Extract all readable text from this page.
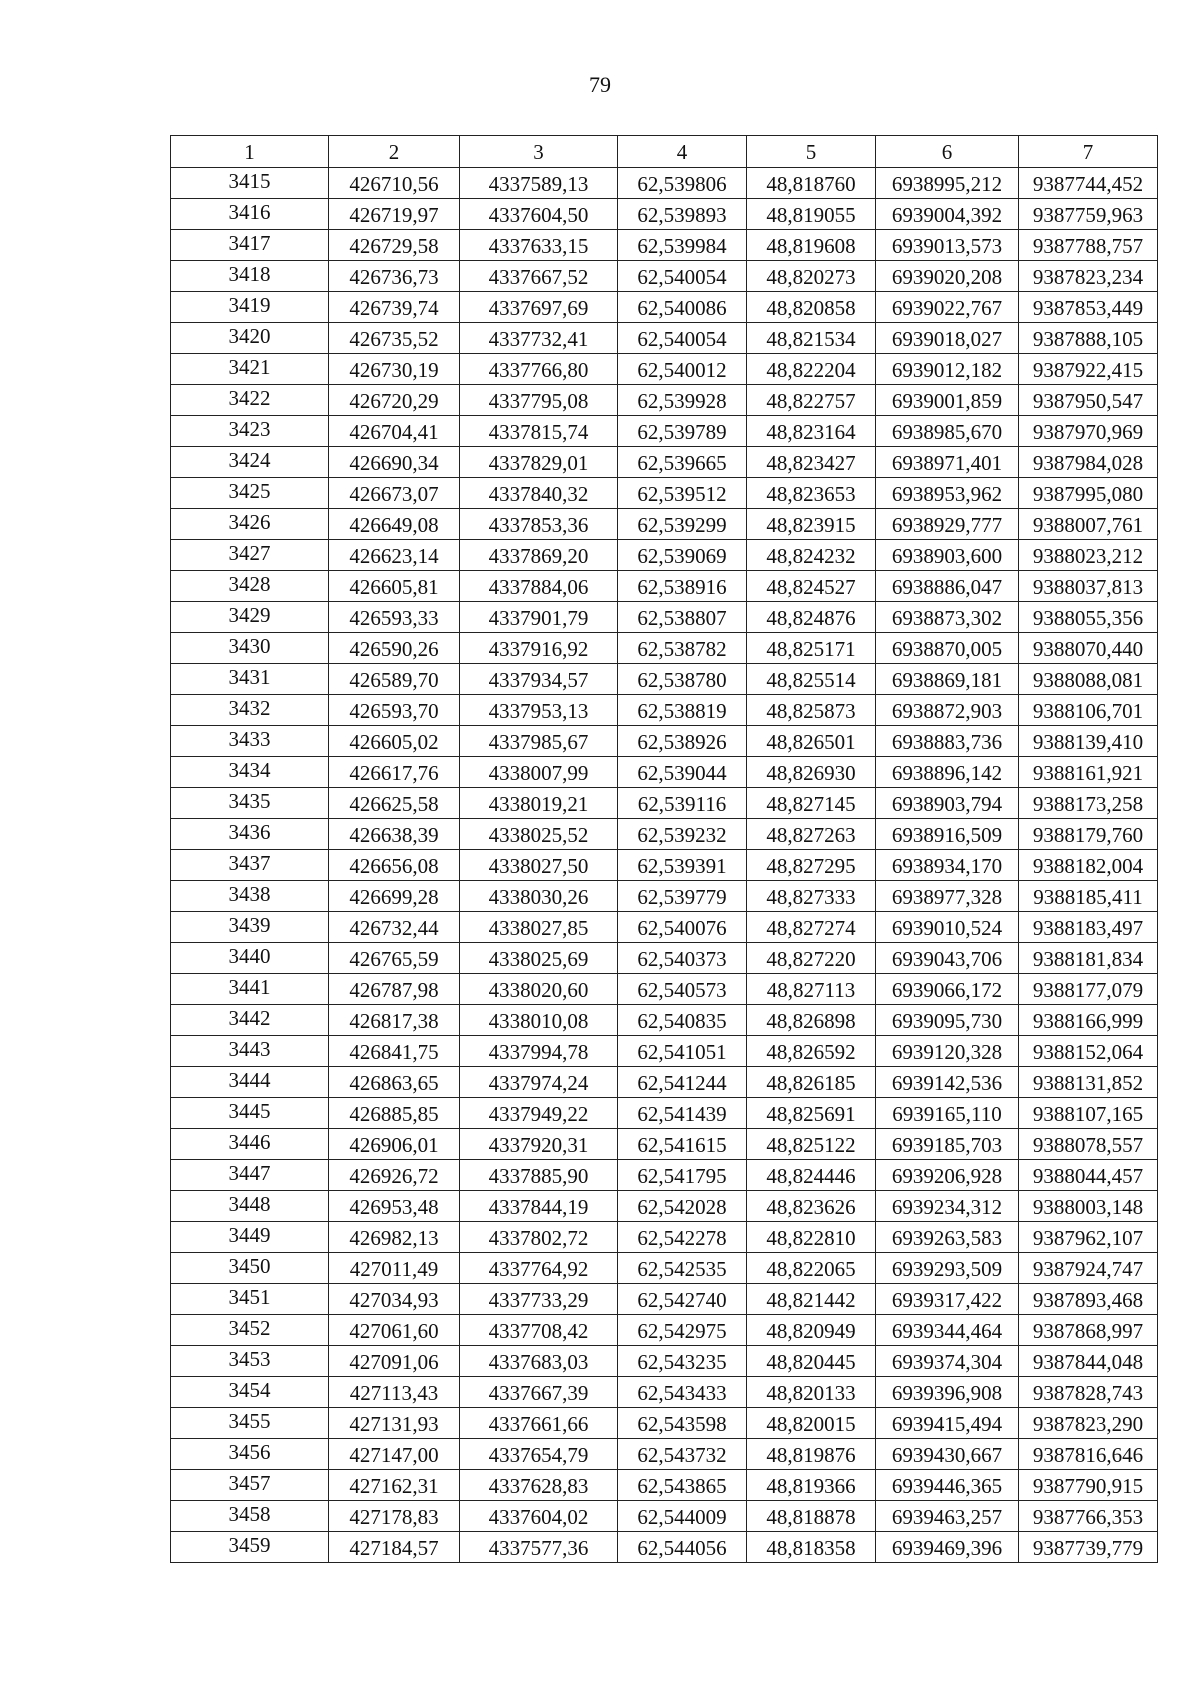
79
1	2	3	4	5	6	7
3415	426710,56	4337589,13	62,539806	48,818760	6938995,212	9387744,452
3416	426719,97	4337604,50	62,539893	48,819055	6939004,392	9387759,963
3417	426729,58	4337633,15	62,539984	48,819608	6939013,573	9387788,757
3418	426736,73	4337667,52	62,540054	48,820273	6939020,208	9387823,234
3419	426739,74	4337697,69	62,540086	48,820858	6939022,767	9387853,449
3420	426735,52	4337732,41	62,540054	48,821534	6939018,027	9387888,105
3421	426730,19	4337766,80	62,540012	48,822204	6939012,182	9387922,415
3422	426720,29	4337795,08	62,539928	48,822757	6939001,859	9387950,547
3423	426704,41	4337815,74	62,539789	48,823164	6938985,670	9387970,969
3424	426690,34	4337829,01	62,539665	48,823427	6938971,401	9387984,028
3425	426673,07	4337840,32	62,539512	48,823653	6938953,962	9387995,080
3426	426649,08	4337853,36	62,539299	48,823915	6938929,777	9388007,761
3427	426623,14	4337869,20	62,539069	48,824232	6938903,600	9388023,212
3428	426605,81	4337884,06	62,538916	48,824527	6938886,047	9388037,813
3429	426593,33	4337901,79	62,538807	48,824876	6938873,302	9388055,356
3430	426590,26	4337916,92	62,538782	48,825171	6938870,005	9388070,440
3431	426589,70	4337934,57	62,538780	48,825514	6938869,181	9388088,081
3432	426593,70	4337953,13	62,538819	48,825873	6938872,903	9388106,701
3433	426605,02	4337985,67	62,538926	48,826501	6938883,736	9388139,410
3434	426617,76	4338007,99	62,539044	48,826930	6938896,142	9388161,921
3435	426625,58	4338019,21	62,539116	48,827145	6938903,794	9388173,258
3436	426638,39	4338025,52	62,539232	48,827263	6938916,509	9388179,760
3437	426656,08	4338027,50	62,539391	48,827295	6938934,170	9388182,004
3438	426699,28	4338030,26	62,539779	48,827333	6938977,328	9388185,411
3439	426732,44	4338027,85	62,540076	48,827274	6939010,524	9388183,497
3440	426765,59	4338025,69	62,540373	48,827220	6939043,706	9388181,834
3441	426787,98	4338020,60	62,540573	48,827113	6939066,172	9388177,079
3442	426817,38	4338010,08	62,540835	48,826898	6939095,730	9388166,999
3443	426841,75	4337994,78	62,541051	48,826592	6939120,328	9388152,064
3444	426863,65	4337974,24	62,541244	48,826185	6939142,536	9388131,852
3445	426885,85	4337949,22	62,541439	48,825691	6939165,110	9388107,165
3446	426906,01	4337920,31	62,541615	48,825122	6939185,703	9388078,557
3447	426926,72	4337885,90	62,541795	48,824446	6939206,928	9388044,457
3448	426953,48	4337844,19	62,542028	48,823626	6939234,312	9388003,148
3449	426982,13	4337802,72	62,542278	48,822810	6939263,583	9387962,107
3450	427011,49	4337764,92	62,542535	48,822065	6939293,509	9387924,747
3451	427034,93	4337733,29	62,542740	48,821442	6939317,422	9387893,468
3452	427061,60	4337708,42	62,542975	48,820949	6939344,464	9387868,997
3453	427091,06	4337683,03	62,543235	48,820445	6939374,304	9387844,048
3454	427113,43	4337667,39	62,543433	48,820133	6939396,908	9387828,743
3455	427131,93	4337661,66	62,543598	48,820015	6939415,494	9387823,290
3456	427147,00	4337654,79	62,543732	48,819876	6939430,667	9387816,646
3457	427162,31	4337628,83	62,543865	48,819366	6939446,365	9387790,915
3458	427178,83	4337604,02	62,544009	48,818878	6939463,257	9387766,353
3459	427184,57	4337577,36	62,544056	48,818358	6939469,396	9387739,779
